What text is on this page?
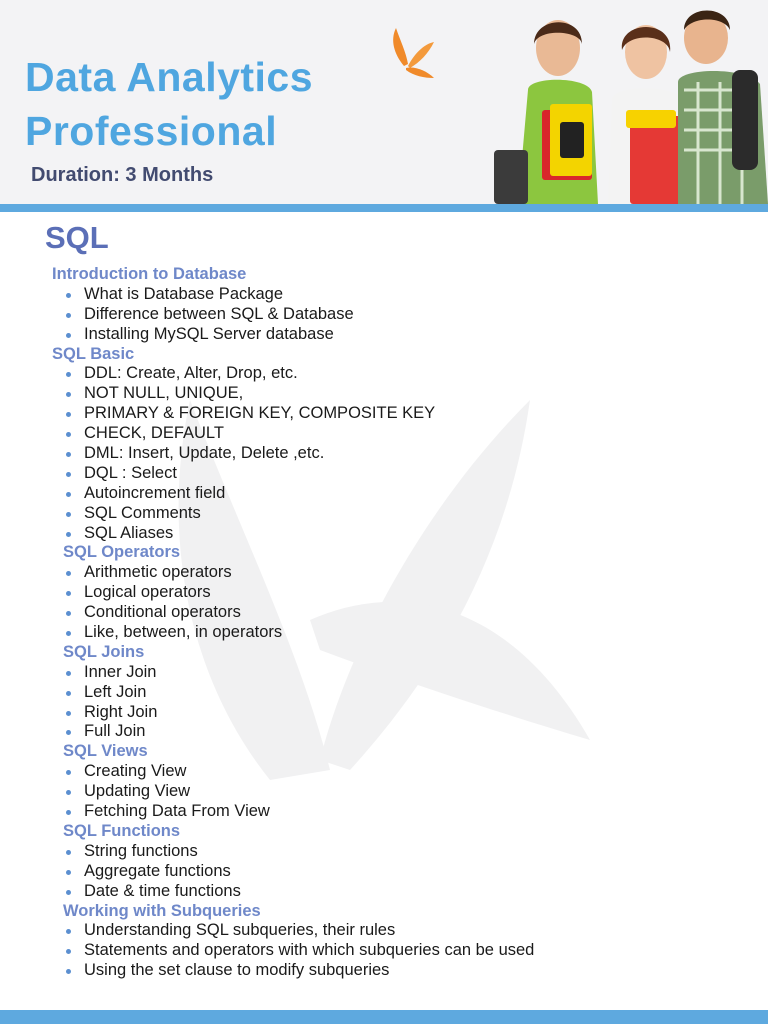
Data Analytics
Professional
Duration: 3 Months
SQL
Introduction to Database
What is Database Package
Difference between SQL & Database
Installing MySQL Server database
SQL Basic
DDL: Create, Alter, Drop, etc.
NOT NULL, UNIQUE,
PRIMARY & FOREIGN KEY, COMPOSITE KEY
CHECK, DEFAULT
DML: Insert, Update, Delete ,etc.
DQL : Select
Autoincrement field
SQL Comments
SQL Aliases
SQL Operators
Arithmetic operators
Logical operators
Conditional operators
Like, between, in operators
SQL Joins
Inner Join
Left Join
Right Join
Full Join
SQL Views
Creating View
Updating View
Fetching Data From View
SQL Functions
String functions
Aggregate functions
Date & time functions
Working with Subqueries
Understanding SQL subqueries, their rules
Statements and operators with which subqueries can be used
Using the set clause to modify subqueries
